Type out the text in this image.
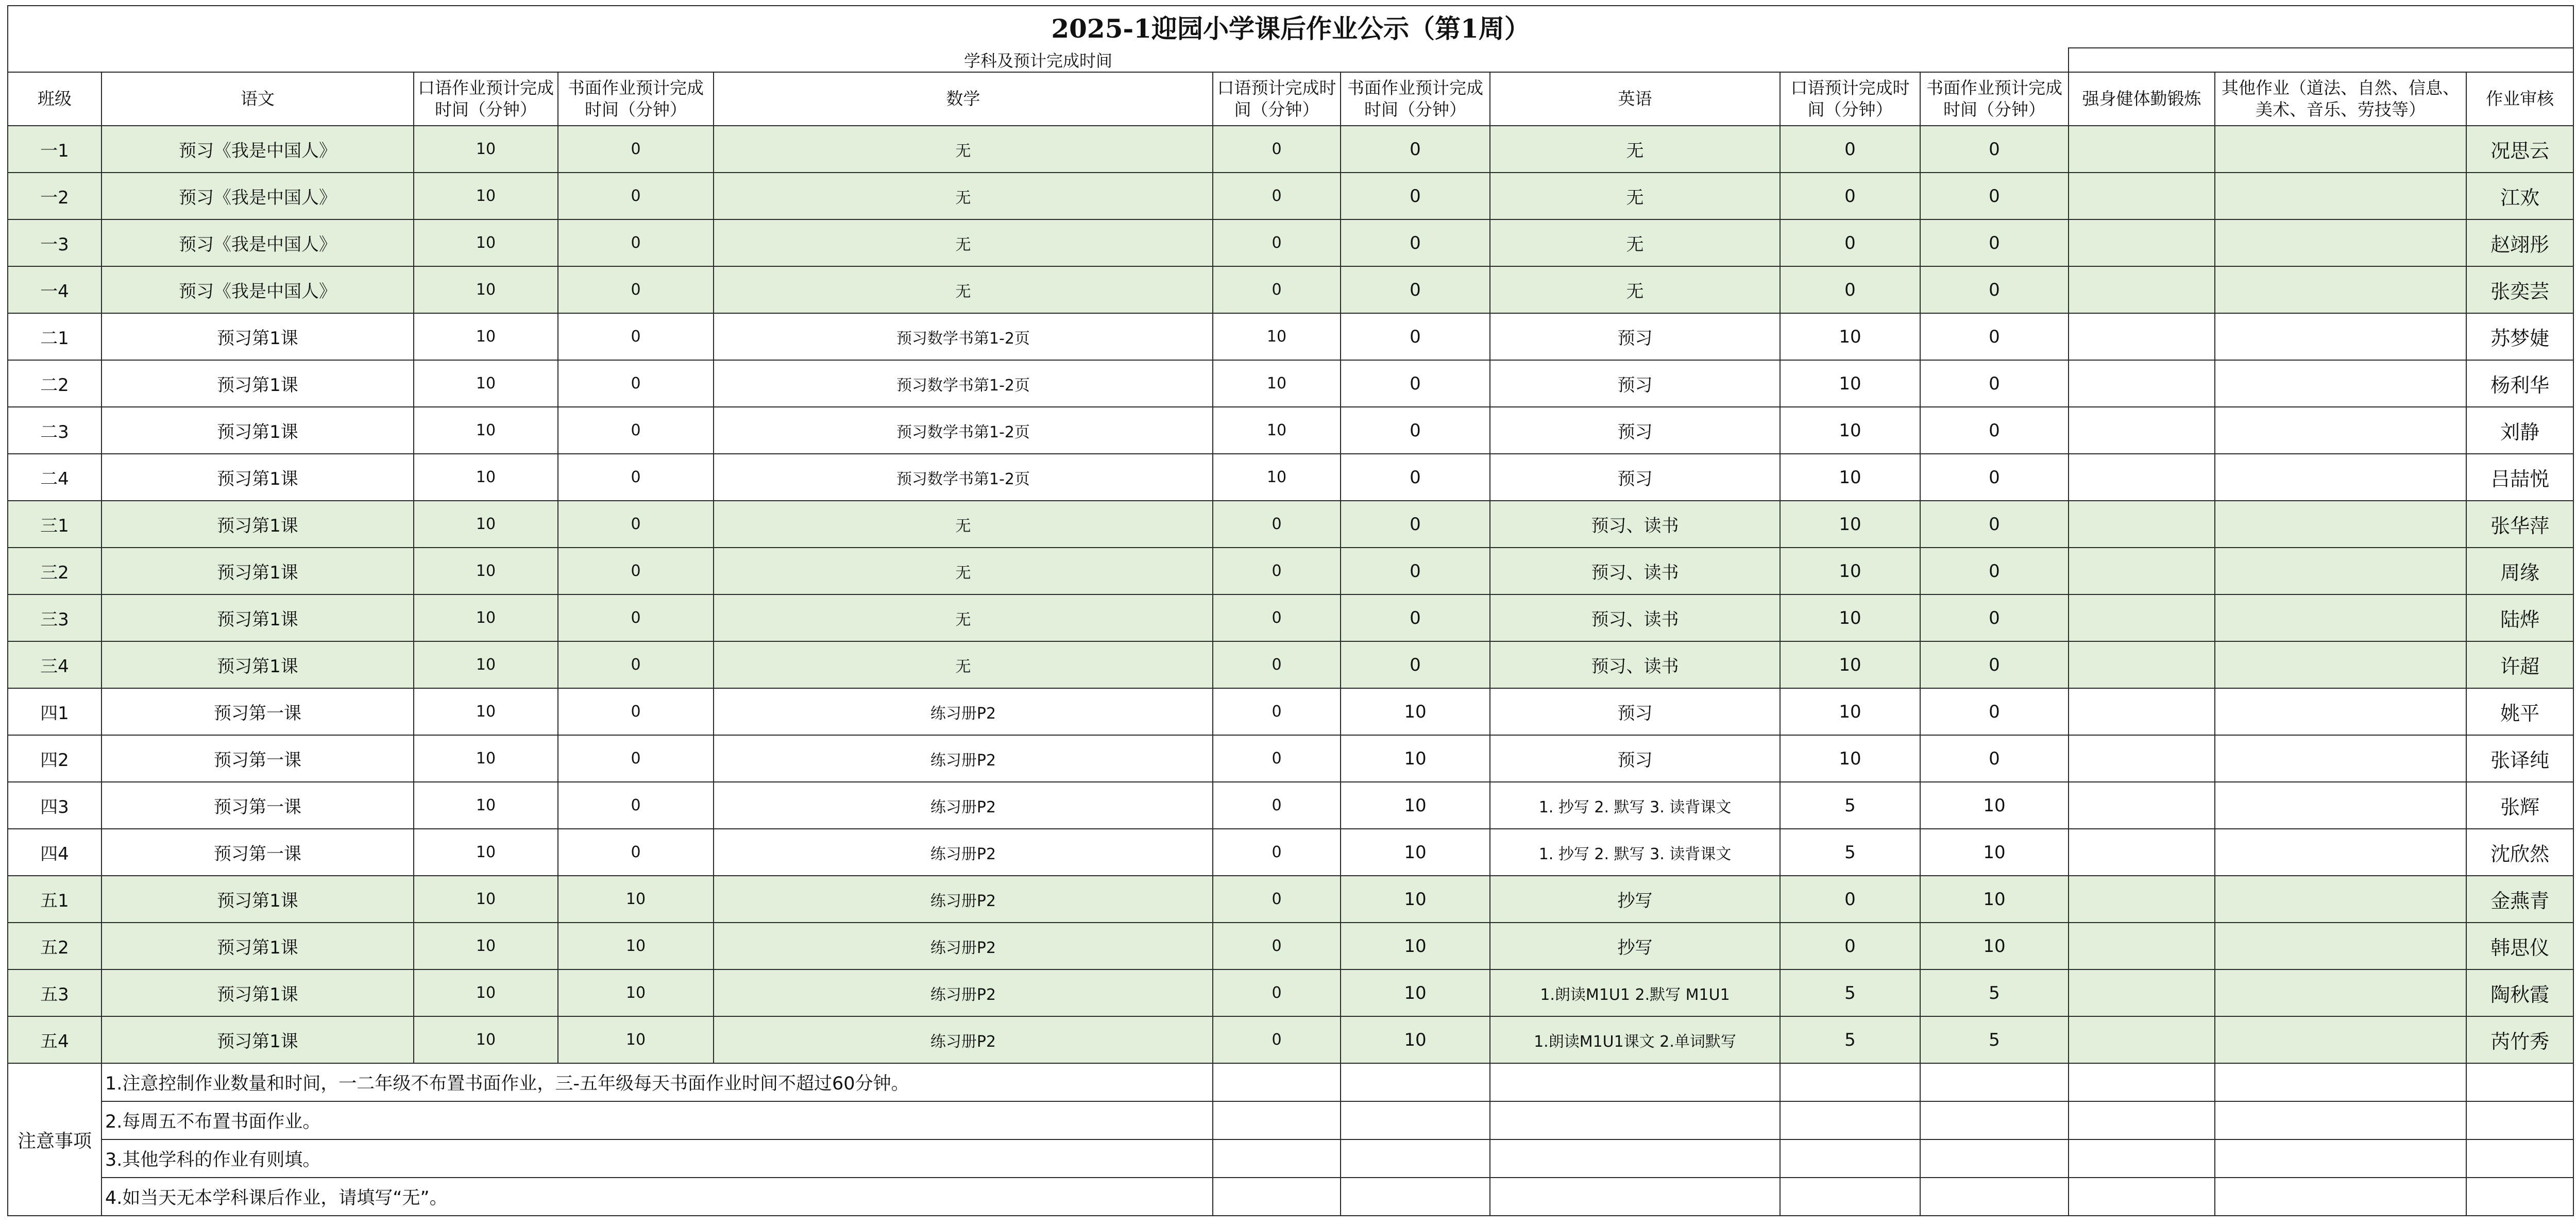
2025-1迎园小学课后作业公示（第1周）												
学科及预计完成时间												
班级	语文	口语作业预计完成时间（分钟）	书面作业预计完成时间（分钟）	数学	口语预计完成时间（分钟）	书面作业预计完成时间（分钟）	英语	口语预计完成时间（分钟）	书面作业预计完成时间（分钟）	强身健体勤锻炼	其他作业（道法、自然、信息、美术、音乐、劳技等）	作业审核
一1	预习《我是中国人》	10	0	无	0	0	无	0	0			况思云
一2	预习《我是中国人》	10	0	无	0	0	无	0	0			江欢
一3	预习《我是中国人》	10	0	无	0	0	无	0	0			赵翊彤
一4	预习《我是中国人》	10	0	无	0	0	无	0	0			张奕芸
二1	预习第1课	10	0	预习数学书第1-2页	10	0	预习	10	0			苏梦婕
二2	预习第1课	10	0	预习数学书第1-2页	10	0	预习	10	0			杨利华
二3	预习第1课	10	0	预习数学书第1-2页	10	0	预习	10	0			刘静
二4	预习第1课	10	0	预习数学书第1-2页	10	0	预习	10	0			吕喆悦
三1	预习第1课	10	0	无	0	0	预习、读书	10	0			张华萍
三2	预习第1课	10	0	无	0	0	预习、读书	10	0			周缘
三3	预习第1课	10	0	无	0	0	预习、读书	10	0			陆烨
三4	预习第1课	10	0	无	0	0	预习、读书	10	0			许超
四1	预习第一课	10	0	练习册P2	0	10	预习	10	0			姚平
四2	预习第一课	10	0	练习册P2	0	10	预习	10	0			张译纯
四3	预习第一课	10	0	练习册P2	0	10	1. 抄写 2. 默写 3. 读背课文	5	10			张辉
四4	预习第一课	10	0	练习册P2	0	10	1. 抄写 2. 默写 3. 读背课文	5	10			沈欣然
五1	预习第1课	10	10	练习册P2	0	10	抄写	0	10			金燕青
五2	预习第1课	10	10	练习册P2	0	10	抄写	0	10			韩思仪
五3	预习第1课	10	10	练习册P2	0	10	1.朗读M1U1 2.默写 M1U1	5	5			陶秋霞
五4	预习第1课	10	10	练习册P2	0	10	1.朗读M1U1课文 2.单词默写	5	5			芮竹秀
注意事项	1.注意控制作业数量和时间，一二年级不布置书面作业，三-五年级每天书面作业时间不超过60分钟。											
	2.每周五不布置书面作业。											
	3.其他学科的作业有则填。											
	4.如当天无本学科课后作业，请填写“无”。											
